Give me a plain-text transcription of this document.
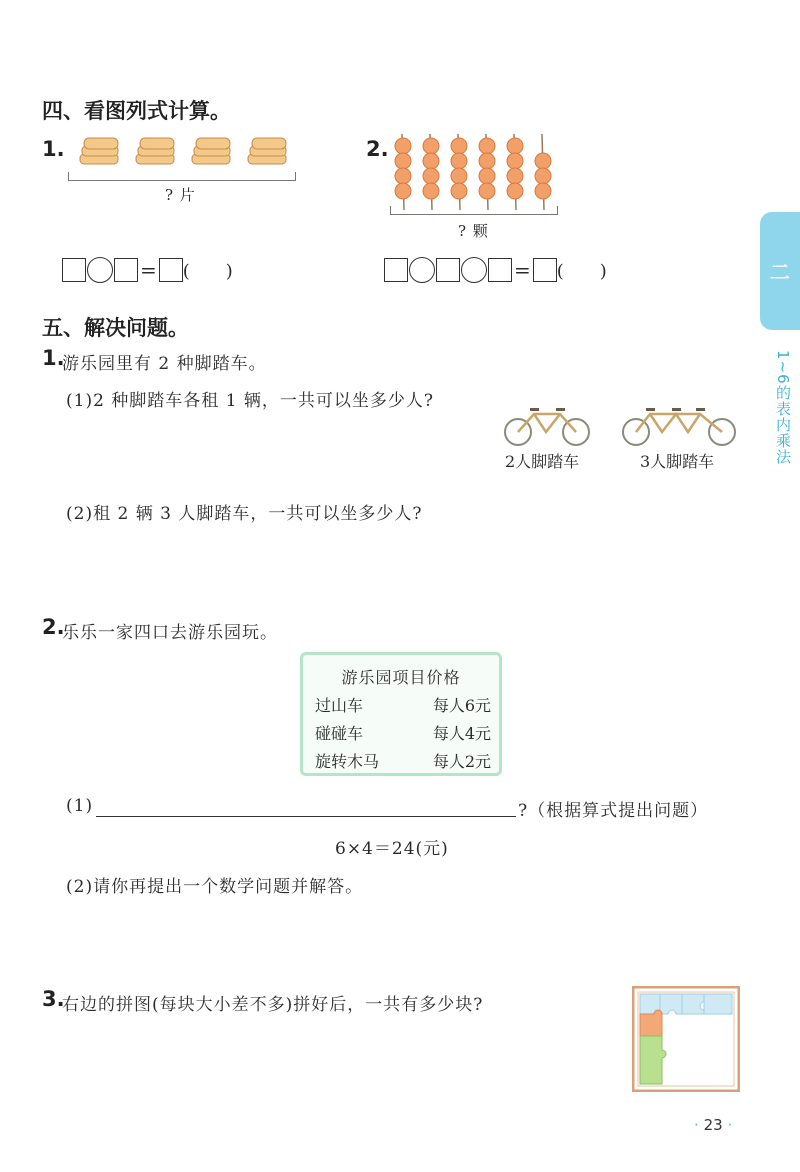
四、看图列式计算。
1.
? 片
= (　　)
2.
? 颗
= (　　)
五、解决问题。
1.
游乐园里有 2 种脚踏车。
(1)2 种脚踏车各租 1 辆，一共可以坐多少人?
2人脚踏车	3人脚踏车
(2)租 2 辆 3 人脚踏车，一共可以坐多少人?
2.
乐乐一家四口去游乐园玩。
游乐园项目价格
过山车	每人6元
碰碰车	每人4元
旋转木马	每人2元
(1)	?（根据算式提出问题）
6×4＝24(元)
(2)请你再提出一个数学问题并解答。
3.
右边的拼图(每块大小差不多)拼好后，一共有多少块?
二
1~6的表内乘法
· 23 ·
